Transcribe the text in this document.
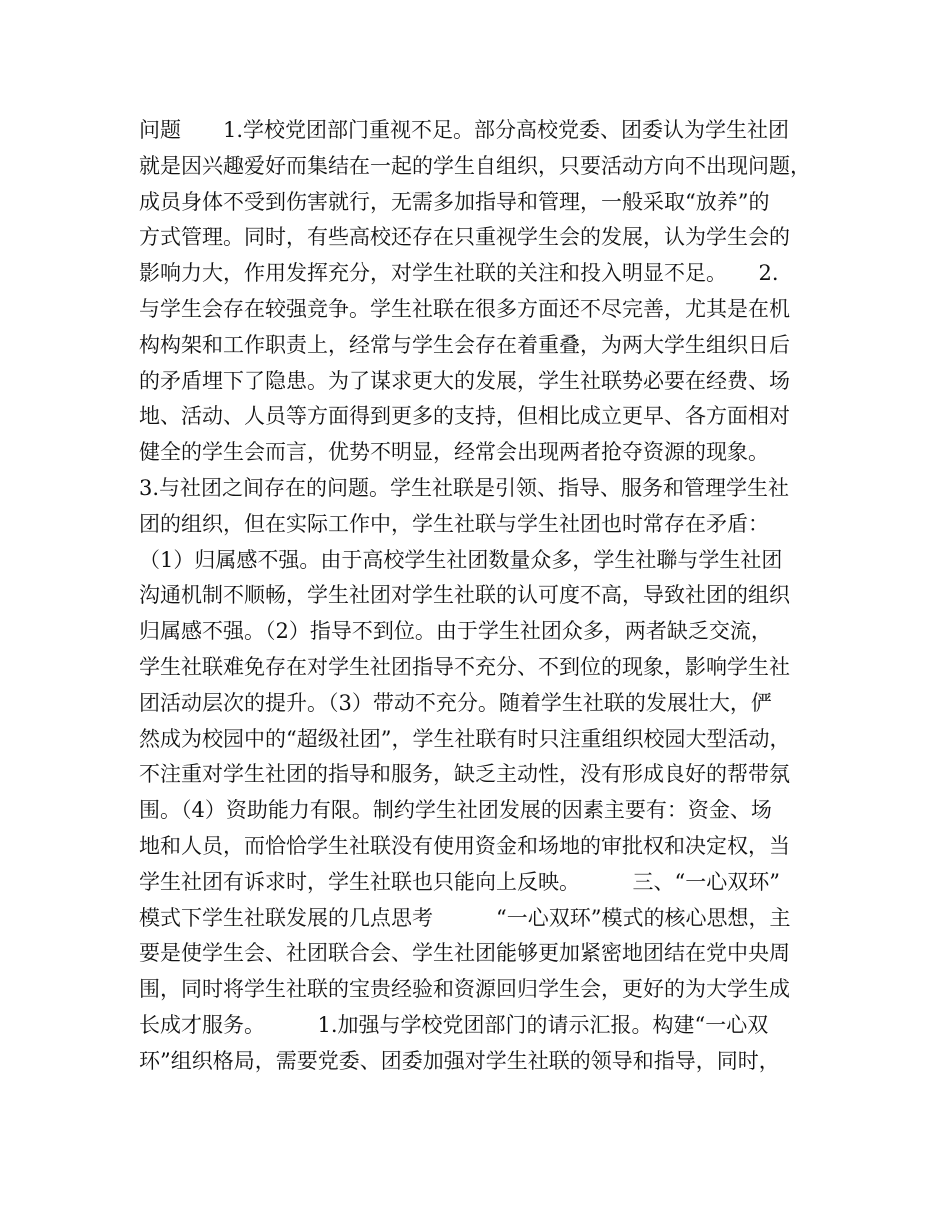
问题　　1.学校党团部门重视不足。部分高校党委、团委认为学生社团
就是因兴趣爱好而集结在一起的学生自组织，只要活动方向不出现问题，
成员身体不受到伤害就行，无需多加指导和管理，一般采取“放养”的
方式管理。同时，有些高校还存在只重视学生会的发展，认为学生会的
影响力大，作用发挥充分，对学生社联的关注和投入明显不足。　　2.
与学生会存在较强竞争。学生社联在很多方面还不尽完善，尤其是在机
构构架和工作职责上，经常与学生会存在着重叠，为两大学生组织日后
的矛盾埋下了隐患。为了谋求更大的发展，学生社联势必要在经费、场
地、活动、人员等方面得到更多的支持，但相比成立更早、各方面相对
健全的学生会而言，优势不明显，经常会出现两者抢夺资源的现象。
3.与社团之间存在的问题。学生社联是引领、指导、服务和管理学生社
团的组织，但在实际工作中，学生社联与学生社团也时常存在矛盾：
（1）归属感不强。由于高校学生社团数量众多，学生社聯与学生社团
沟通机制不顺畅，学生社团对学生社联的认可度不高，导致社团的组织
归属感不强。（2）指导不到位。由于学生社团众多，两者缺乏交流，
学生社联难免存在对学生社团指导不充分、不到位的现象，影响学生社
团活动层次的提升。（3）带动不充分。随着学生社联的发展壮大，俨
然成为校园中的“超级社团”，学生社联有时只注重组织校园大型活动，
不注重对学生社团的指导和服务，缺乏主动性，没有形成良好的帮带氛
围。（4）资助能力有限。制约学生社团发展的因素主要有：资金、场
地和人员，而恰恰学生社联没有使用资金和场地的审批权和决定权，当
学生社团有诉求时，学生社联也只能向上反映。　　　三、“一心双环”
模式下学生社联发展的几点思考　　　“一心双环”模式的核心思想，主
要是使学生会、社团联合会、学生社团能够更加紧密地团结在党中央周
围，同时将学生社联的宝贵经验和资源回归学生会，更好的为大学生成
长成才服务。　　　1.加强与学校党团部门的请示汇报。构建“一心双
环”组织格局，需要党委、团委加强对学生社联的领导和指导，同时，
